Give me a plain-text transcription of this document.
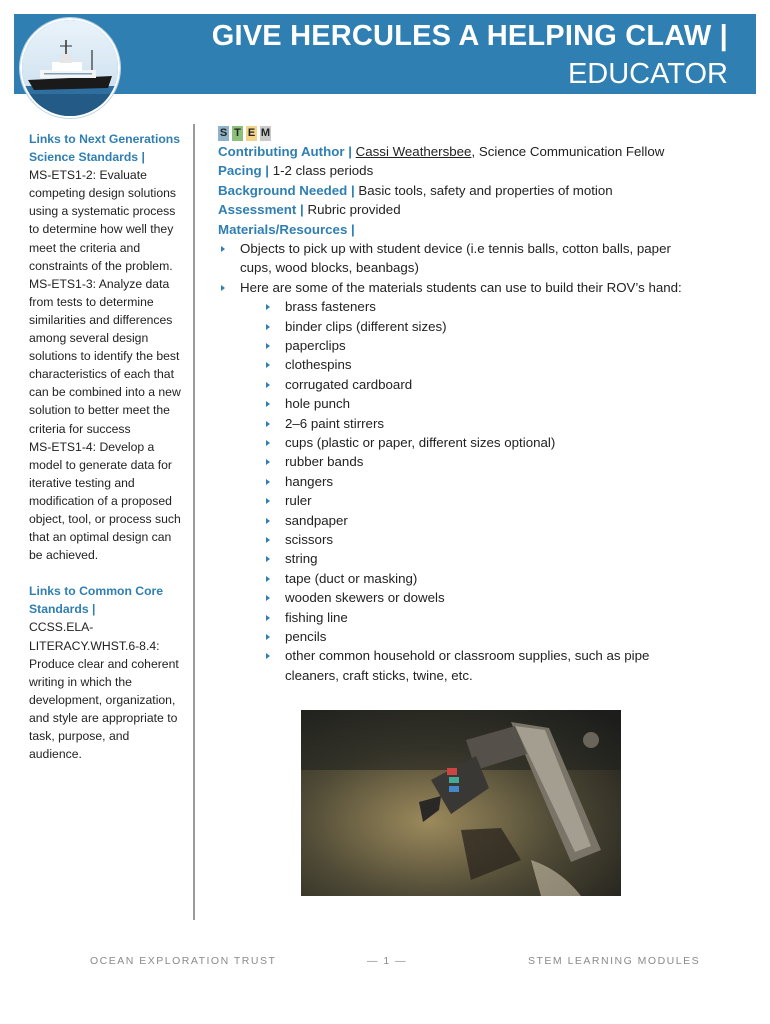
GIVE HERCULES A HELPING CLAW |
EDUCATOR

Links to Next Generations Science Standards |

MS-ETS1-2: Evaluate competing design solutions using a systematic process to determine how well they meet the criteria and constraints of the problem.

MS-ETS1-3: Analyze data from tests to determine similarities and differences among several design solutions to identify the best characteristics of each that can be combined into a new solution to better meet the criteria for success

MS-ETS1-4: Develop a model to generate data for iterative testing and modification of a proposed object, tool, or process such that an optimal design can be achieved.

Links to Common Core Standards |

CCSS.ELA-LITERACY.WHST.6-8.4: Produce clear and coherent writing in which the development, organization, and style are appropriate to task, purpose, and audience.

S T E M
Contributing Author | Cassi Weathersbee, Science Communication Fellow
Pacing | 1-2 class periods
Background Needed | Basic tools, safety and properties of motion
Assessment | Rubric provided
Materials/Resources |
Objects to pick up with student device (i.e tennis balls, cotton balls, paper
cups, wood blocks, beanbags)
Here are some of the materials students can use to build their ROV’s hand:
brass fasteners
binder clips (different sizes)
paperclips
clothespins
corrugated cardboard
hole punch
2–6 paint stirrers
cups (plastic or paper, different sizes optional)
rubber bands
hangers
ruler
sandpaper
scissors
string
tape (duct or masking)
wooden skewers or dowels
fishing line
pencils
other common household or classroom supplies, such as pipe
cleaners, craft sticks, twine, etc.
OCEAN EXPLORATION TRUST	— 1 —	STEM LEARNING MODULES
